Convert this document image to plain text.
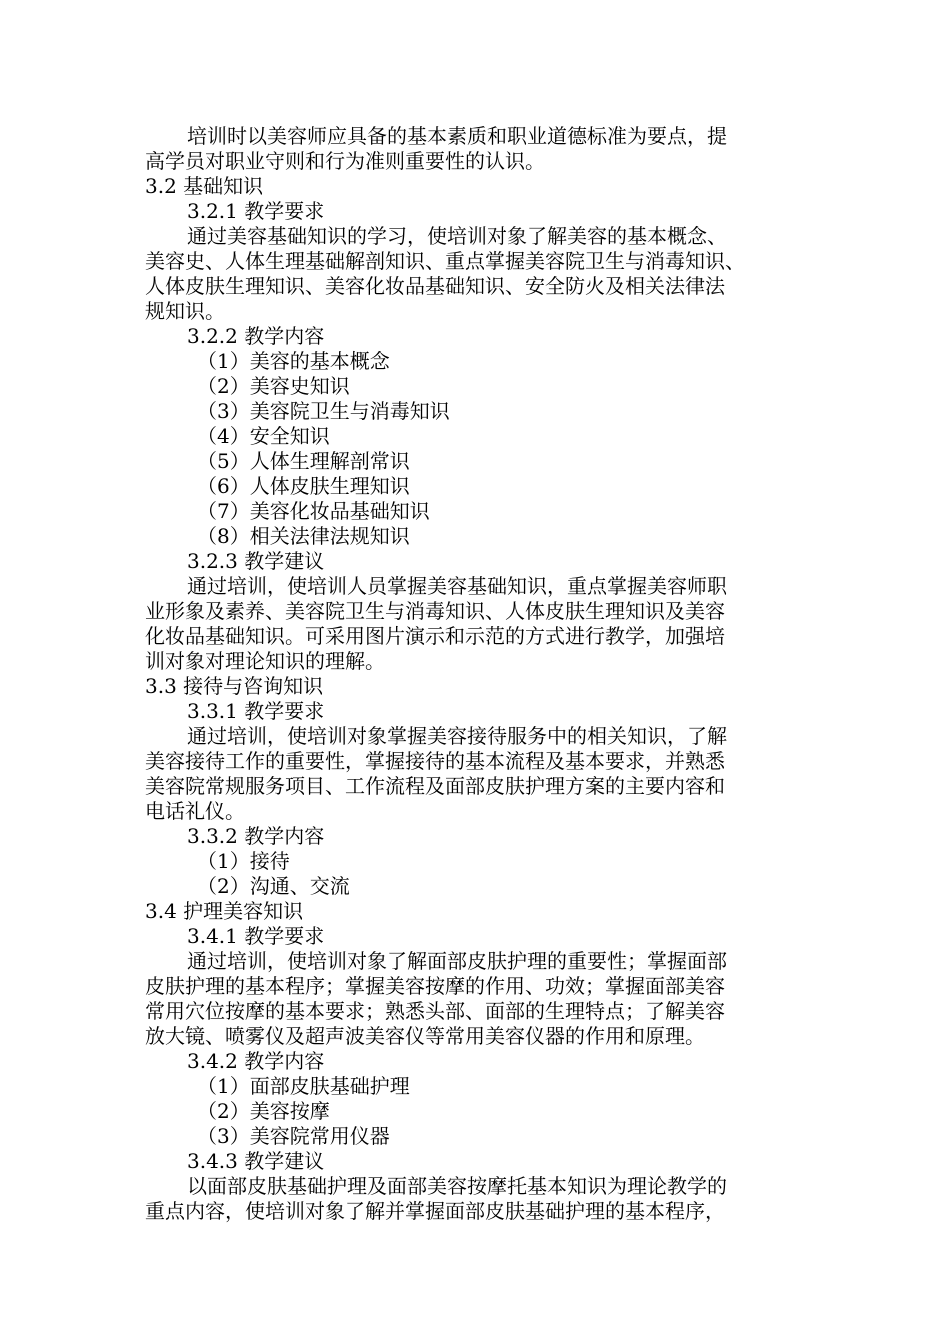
培训时以美容师应具备的基本素质和职业道德标准为要点，提
高学员对职业守则和行为准则重要性的认识。
3.2 基础知识
3.2.1 教学要求
通过美容基础知识的学习，使培训对象了解美容的基本概念、
美容史、人体生理基础解剖知识、重点掌握美容院卫生与消毒知识、
人体皮肤生理知识、美容化妆品基础知识、安全防火及相关法律法
规知识。
3.2.2 教学内容
（1）美容的基本概念
（2）美容史知识
（3）美容院卫生与消毒知识
（4）安全知识
（5）人体生理解剖常识
（6）人体皮肤生理知识
（7）美容化妆品基础知识
（8）相关法律法规知识
3.2.3 教学建议
通过培训，使培训人员掌握美容基础知识，重点掌握美容师职
业形象及素养、美容院卫生与消毒知识、人体皮肤生理知识及美容
化妆品基础知识。可采用图片演示和示范的方式进行教学，加强培
训对象对理论知识的理解。
3.3 接待与咨询知识
3.3.1 教学要求
通过培训，使培训对象掌握美容接待服务中的相关知识，了解
美容接待工作的重要性，掌握接待的基本流程及基本要求，并熟悉
美容院常规服务项目、工作流程及面部皮肤护理方案的主要内容和
电话礼仪。
3.3.2 教学内容
（1）接待
（2）沟通、交流
3.4 护理美容知识
3.4.1 教学要求
通过培训，使培训对象了解面部皮肤护理的重要性；掌握面部
皮肤护理的基本程序；掌握美容按摩的作用、功效；掌握面部美容
常用穴位按摩的基本要求；熟悉头部、面部的生理特点；了解美容
放大镜、喷雾仪及超声波美容仪等常用美容仪器的作用和原理。
3.4.2 教学内容
（1）面部皮肤基础护理
（2）美容按摩
（3）美容院常用仪器
3.4.3 教学建议
以面部皮肤基础护理及面部美容按摩托基本知识为理论教学的
重点内容，使培训对象了解并掌握面部皮肤基础护理的基本程序，
